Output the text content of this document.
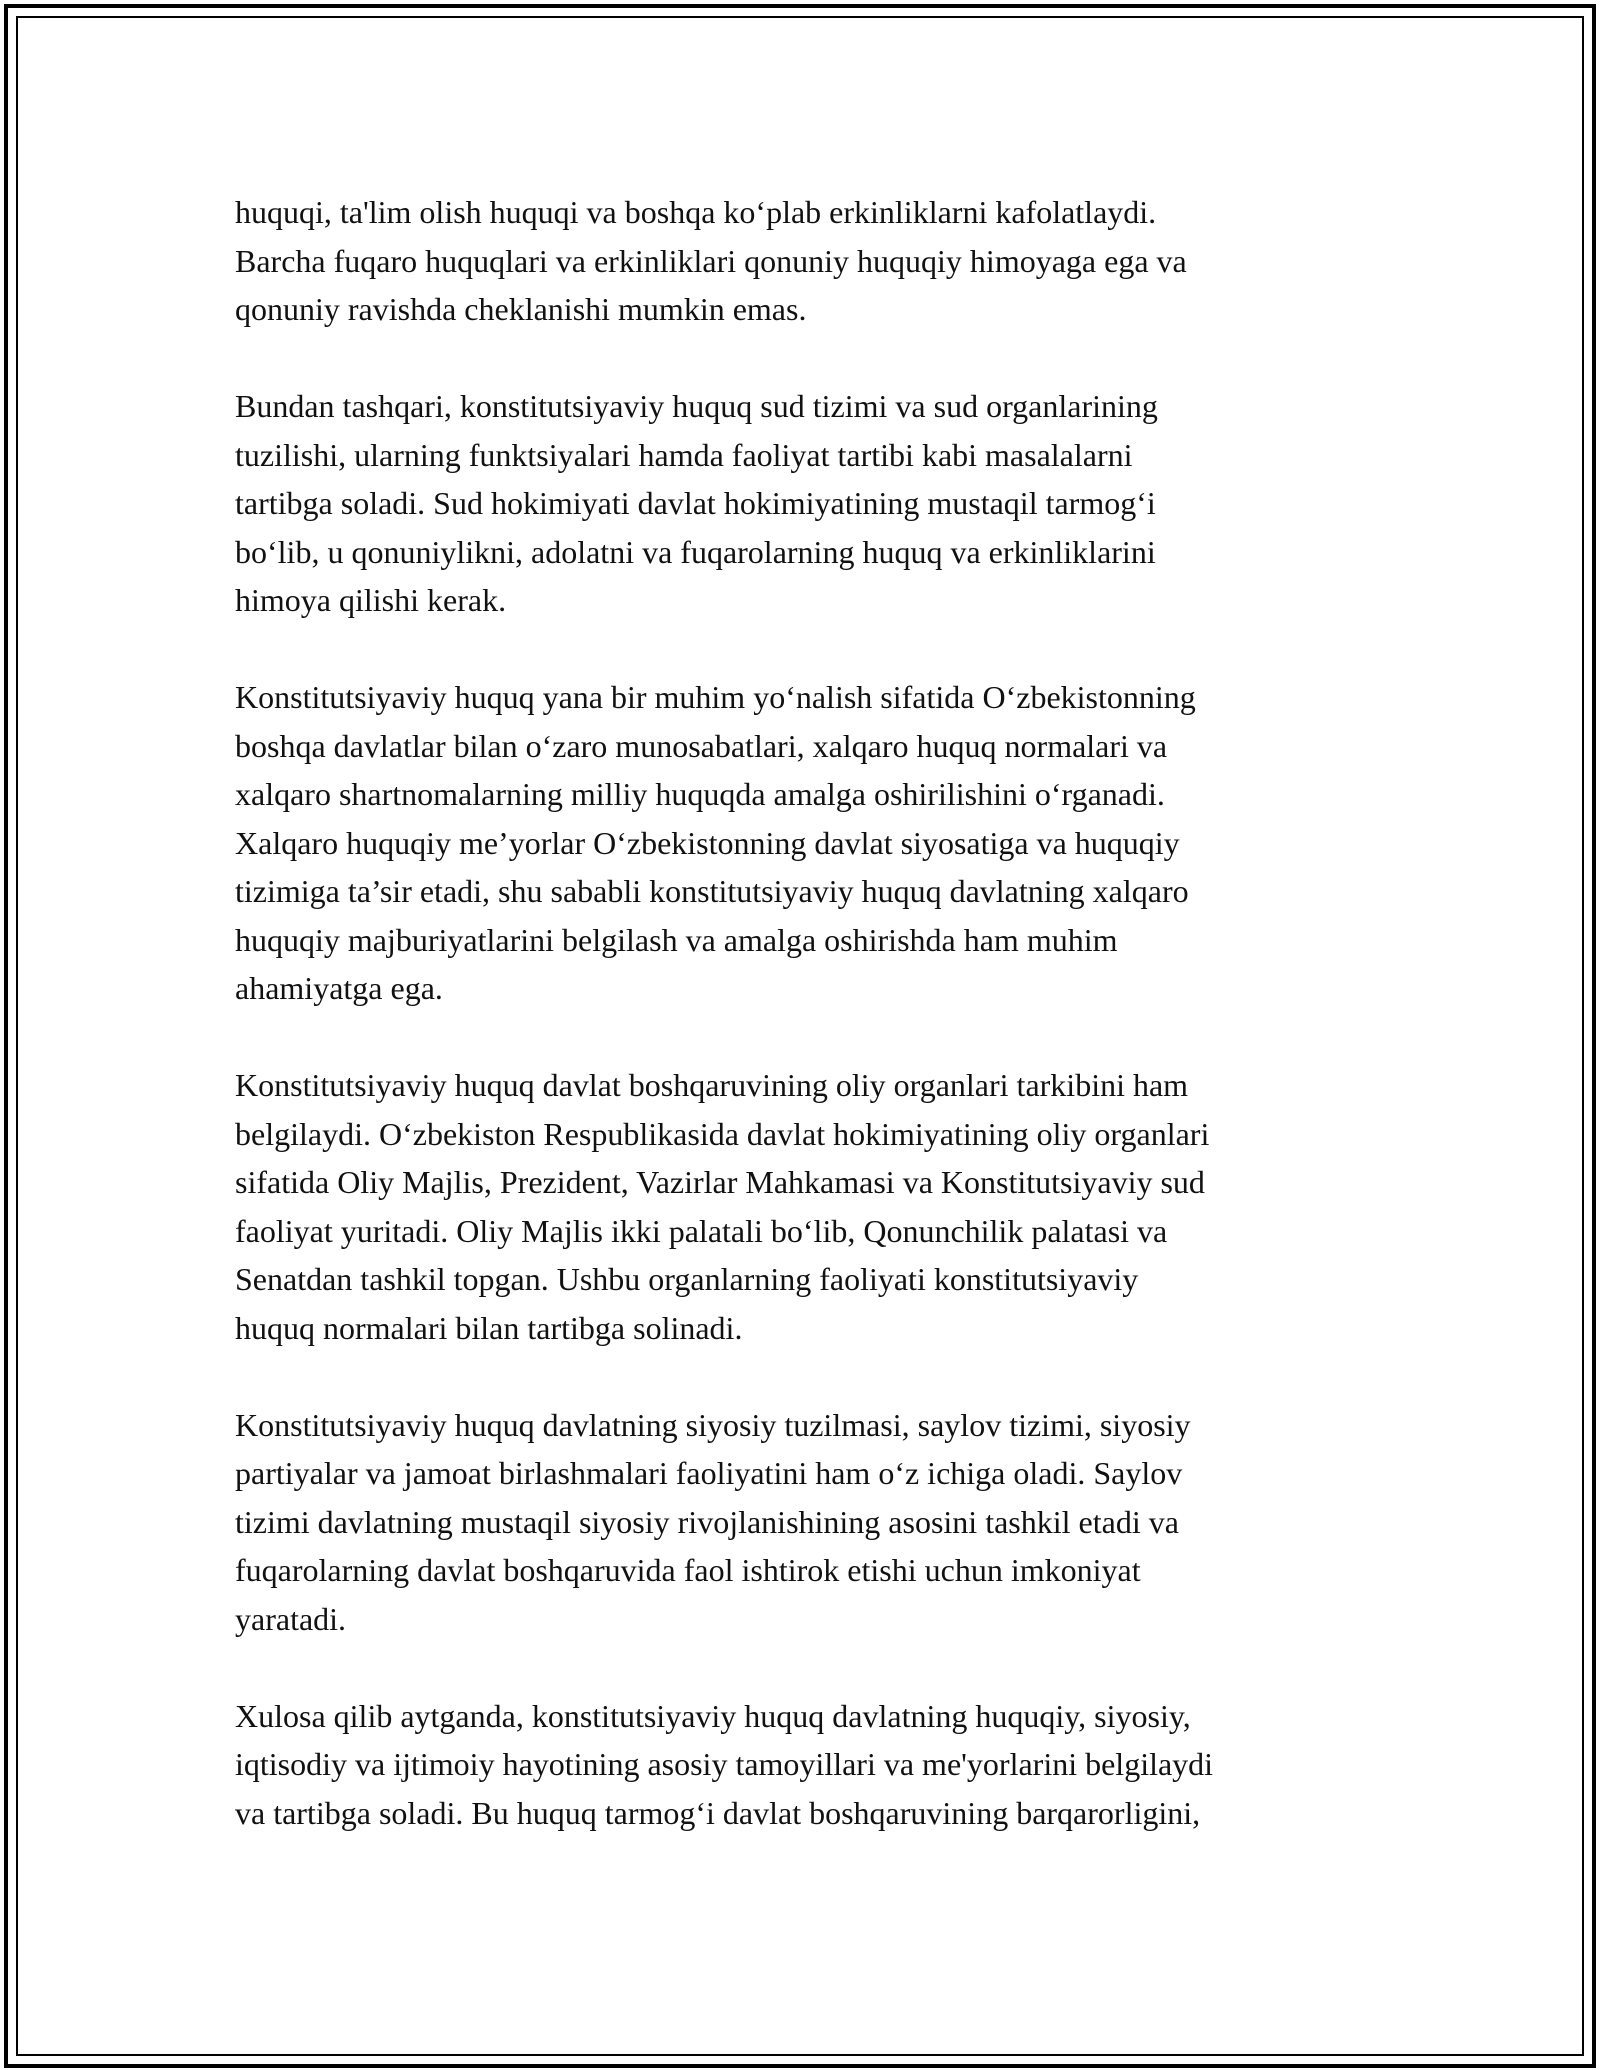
huquqi, ta'lim olish huquqi va boshqa ko‘plab erkinliklarni kafolatlaydi.
Barcha fuqaro huquqlari va erkinliklari qonuniy huquqiy himoyaga ega va
qonuniy ravishda cheklanishi mumkin emas.

Bundan tashqari, konstitutsiyaviy huquq sud tizimi va sud organlarining
tuzilishi, ularning funktsiyalari hamda faoliyat tartibi kabi masalalarni
tartibga soladi. Sud hokimiyati davlat hokimiyatining mustaqil tarmog‘i
bo‘lib, u qonuniylikni, adolatni va fuqarolarning huquq va erkinliklarini
himoya qilishi kerak.

Konstitutsiyaviy huquq yana bir muhim yo‘nalish sifatida O‘zbekistonning
boshqa davlatlar bilan o‘zaro munosabatlari, xalqaro huquq normalari va
xalqaro shartnomalarning milliy huquqda amalga oshirilishini o‘rganadi.
Xalqaro huquqiy me’yorlar O‘zbekistonning davlat siyosatiga va huquqiy
tizimiga ta’sir etadi, shu sababli konstitutsiyaviy huquq davlatning xalqaro
huquqiy majburiyatlarini belgilash va amalga oshirishda ham muhim
ahamiyatga ega.

Konstitutsiyaviy huquq davlat boshqaruvining oliy organlari tarkibini ham
belgilaydi. O‘zbekiston Respublikasida davlat hokimiyatining oliy organlari
sifatida Oliy Majlis, Prezident, Vazirlar Mahkamasi va Konstitutsiyaviy sud
faoliyat yuritadi. Oliy Majlis ikki palatali bo‘lib, Qonunchilik palatasi va
Senatdan tashkil topgan. Ushbu organlarning faoliyati konstitutsiyaviy
huquq normalari bilan tartibga solinadi.

Konstitutsiyaviy huquq davlatning siyosiy tuzilmasi, saylov tizimi, siyosiy
partiyalar va jamoat birlashmalari faoliyatini ham o‘z ichiga oladi. Saylov
tizimi davlatning mustaqil siyosiy rivojlanishining asosini tashkil etadi va
fuqarolarning davlat boshqaruvida faol ishtirok etishi uchun imkoniyat
yaratadi.

Xulosa qilib aytganda, konstitutsiyaviy huquq davlatning huquqiy, siyosiy,
iqtisodiy va ijtimoiy hayotining asosiy tamoyillari va me'yorlarini belgilaydi
va tartibga soladi. Bu huquq tarmog‘i davlat boshqaruvining barqarorligini,
